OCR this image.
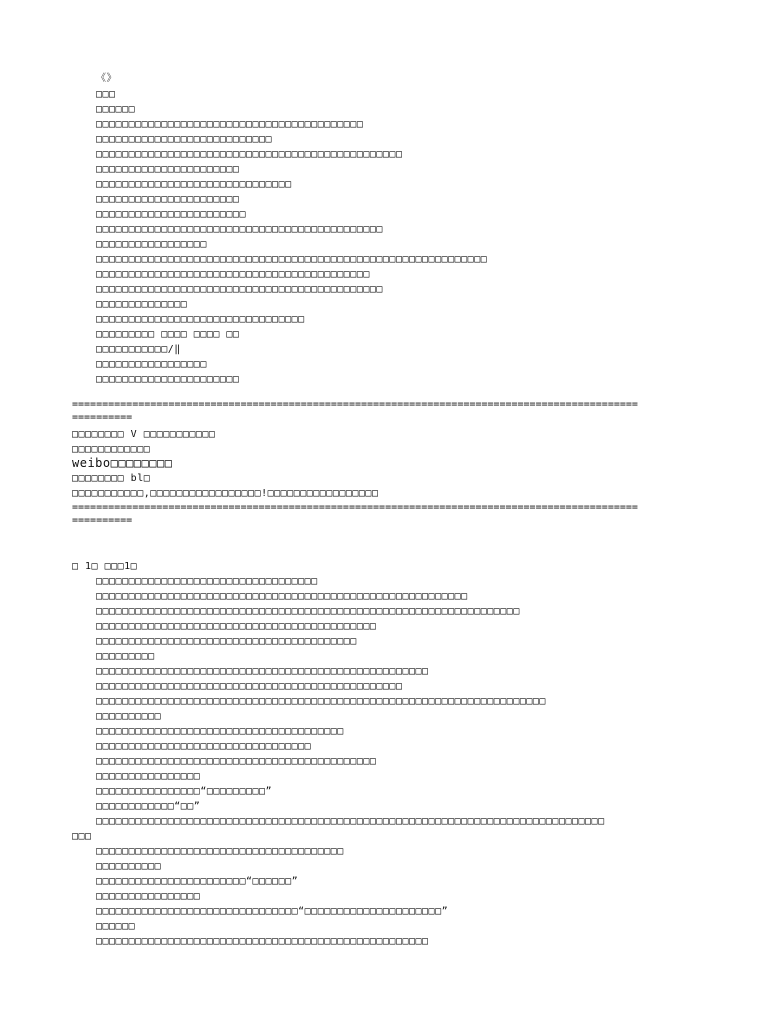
《》
□□□
□□□□□□
□□□□□□□□□□□□□□□□□□□□□□□□□□□□□□□□□□□□□□□□□
□□□□□□□□□□□□□□□□□□□□□□□□□□□
□□□□□□□□□□□□□□□□□□□□□□□□□□□□□□□□□□□□□□□□□□□□□□□
□□□□□□□□□□□□□□□□□□□□□□
□□□□□□□□□□□□□□□□□□□□□□□□□□□□□□
□□□□□□□□□□□□□□□□□□□□□□
□□□□□□□□□□□□□□□□□□□□□□□
□□□□□□□□□□□□□□□□□□□□□□□□□□□□□□□□□□□□□□□□□□□□
□□□□□□□□□□□□□□□□□
□□□□□□□□□□□□□□□□□□□□□□□□□□□□□□□□□□□□□□□□□□□□□□□□□□□□□□□□□□□□
□□□□□□□□□□□□□□□□□□□□□□□□□□□□□□□□□□□□□□□□□□
□□□□□□□□□□□□□□□□□□□□□□□□□□□□□□□□□□□□□□□□□□□□
□□□□□□□□□□□□□□
□□□□□□□□□□□□□□□□□□□□□□□□□□□□□□□□
□□□□□□□□□ □□□□ □□□□ □□
□□□□□□□□□□□/‖
□□□□□□□□□□□□□□□□□
□□□□□□□□□□□□□□□□□□□□□□
==============================================================================================
==========
□□□□□□□□ V □□□□□□□□□□□
□□□□□□□□□□□□
weibo□□□□□□□□
□□□□□□□□ bl□
□□□□□□□□□□□,□□□□□□□□□□□□□□□□□!□□□□□□□□□□□□□□□□□
==============================================================================================
==========
□ 1□ □□□1□
□□□□□□□□□□□□□□□□□□□□□□□□□□□□□□□□□□
□□□□□□□□□□□□□□□□□□□□□□□□□□□□□□□□□□□□□□□□□□□□□□□□□□□□□□□□□
□□□□□□□□□□□□□□□□□□□□□□□□□□□□□□□□□□□□□□□□□□□□□□□□□□□□□□□□□□□□□□□□□
□□□□□□□□□□□□□□□□□□□□□□□□□□□□□□□□□□□□□□□□□□□
□□□□□□□□□□□□□□□□□□□□□□□□□□□□□□□□□□□□□□□□
□□□□□□□□□
□□□□□□□□□□□□□□□□□□□□□□□□□□□□□□□□□□□□□□□□□□□□□□□□□□□
□□□□□□□□□□□□□□□□□□□□□□□□□□□□□□□□□□□□□□□□□□□□□□□
□□□□□□□□□□□□□□□□□□□□□□□□□□□□□□□□□□□□□□□□□□□□□□□□□□□□□□□□□□□□□□□□□□□□□
□□□□□□□□□□
□□□□□□□□□□□□□□□□□□□□□□□□□□□□□□□□□□□□□□
□□□□□□□□□□□□□□□□□□□□□□□□□□□□□□□□□
□□□□□□□□□□□□□□□□□□□□□□□□□□□□□□□□□□□□□□□□□□□
□□□□□□□□□□□□□□□□
□□□□□□□□□□□□□□□□“□□□□□□□□□”
□□□□□□□□□□□□“□□”
□□□□□□□□□□□□□□□□□□□□□□□□□□□□□□□□□□□□□□□□□□□□□□□□□□□□□□□□□□□□□□□□□□□□□□□□□□□□□□
□□□
□□□□□□□□□□□□□□□□□□□□□□□□□□□□□□□□□□□□□□
□□□□□□□□□□
□□□□□□□□□□□□□□□□□□□□□□□“□□□□□□”
□□□□□□□□□□□□□□□□
□□□□□□□□□□□□□□□□□□□□□□□□□□□□□□□“□□□□□□□□□□□□□□□□□□□□□”
□□□□□□
□□□□□□□□□□□□□□□□□□□□□□□□□□□□□□□□□□□□□□□□□□□□□□□□□□□
